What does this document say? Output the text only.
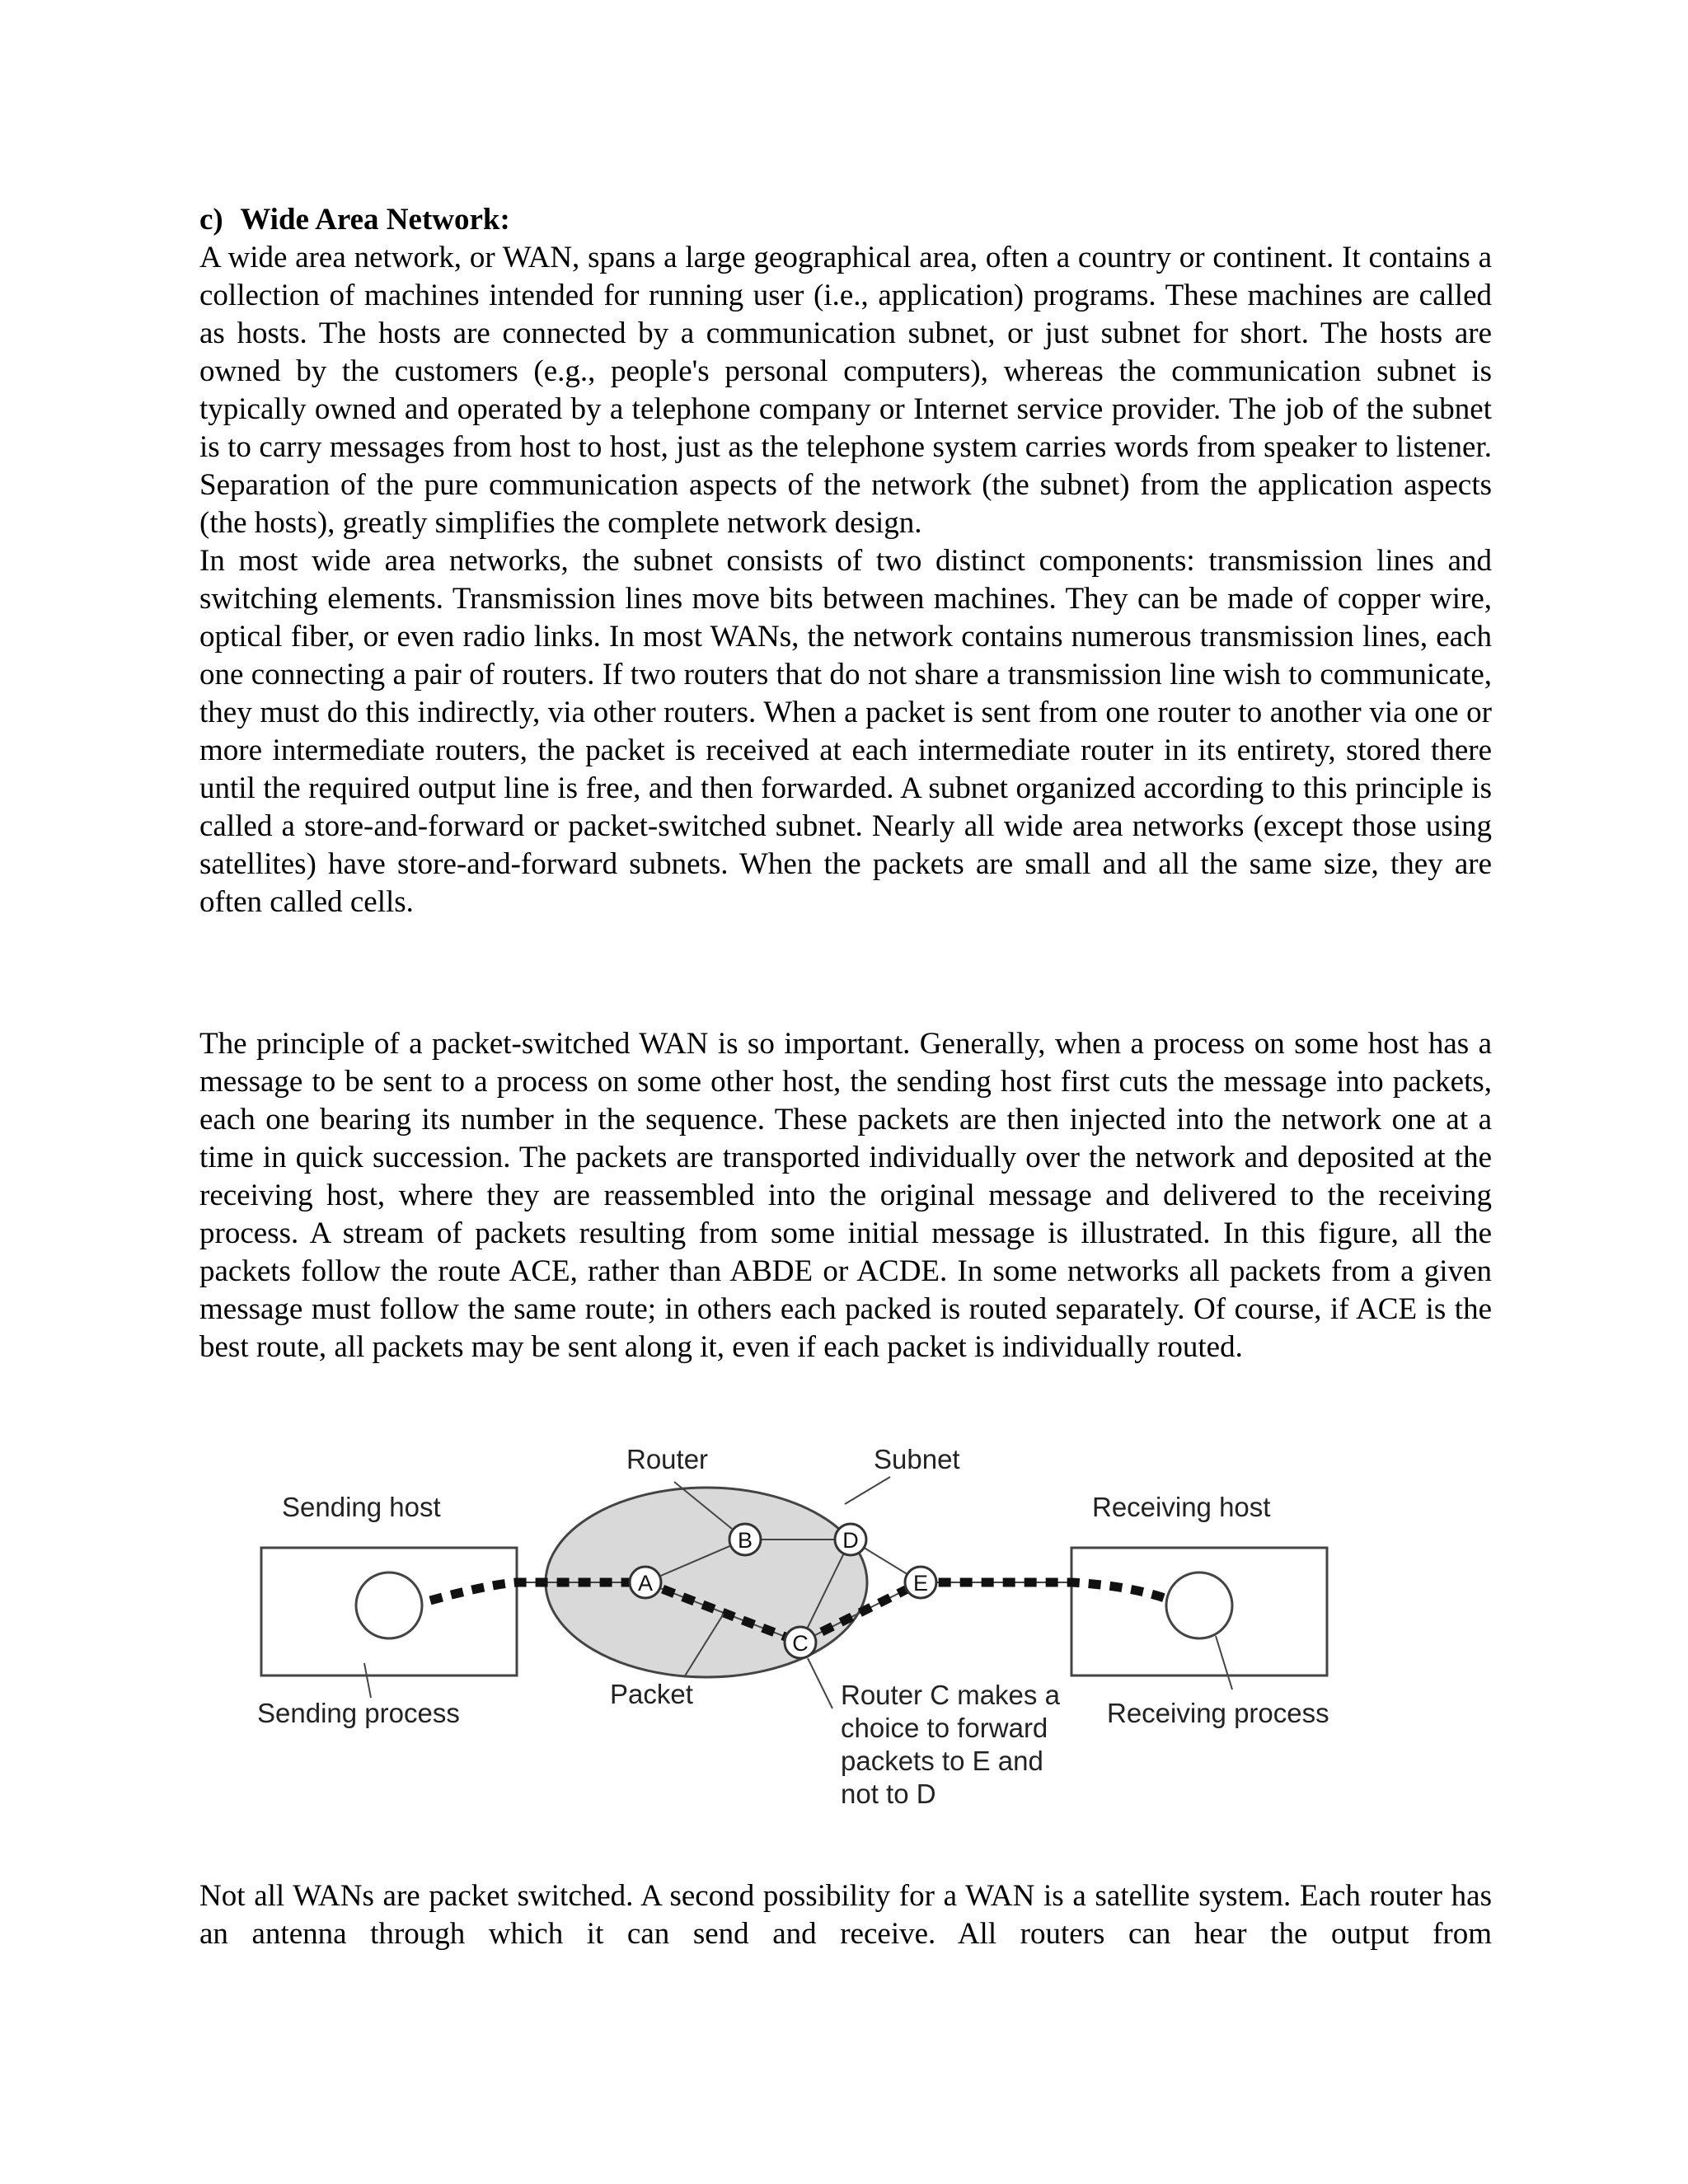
c) Wide Area Network:

A wide area network, or WAN, spans a large geographical area, often a country or continent. It contains a collection of machines intended for running user (i.e., application) programs. These machines are called as hosts. The hosts are connected by a communication subnet, or just subnet for short. The hosts are owned by the customers (e.g., people's personal computers), whereas the communication subnet is typically owned and operated by a telephone company or Internet service provider. The job of the subnet is to carry messages from host to host, just as the telephone system carries words from speaker to listener. Separation of the pure communication aspects of the network (the subnet) from the application aspects (the hosts), greatly simplifies the complete network design.

In most wide area networks, the subnet consists of two distinct components: transmission lines and switching elements. Transmission lines move bits between machines. They can be made of copper wire, optical fiber, or even radio links. In most WANs, the network contains numerous transmission lines, each one connecting a pair of routers. If two routers that do not share a transmission line wish to communicate, they must do this indirectly, via other routers. When a packet is sent from one router to another via one or more intermediate routers, the packet is received at each intermediate router in its entirety, stored there until the required output line is free, and then forwarded. A subnet organized according to this principle is called a store-and-forward or packet-switched subnet. Nearly all wide area networks (except those using satellites) have store-and-forward subnets. When the packets are small and all the same size, they are often called cells.

The principle of a packet-switched WAN is so important. Generally, when a process on some host has a message to be sent to a process on some other host, the sending host first cuts the message into packets, each one bearing its number in the sequence. These packets are then injected into the network one at a time in quick succession. The packets are transported individually over the network and deposited at the receiving host, where they are reassembled into the original message and delivered to the receiving process. A stream of packets resulting from some initial message is illustrated. In this figure, all the packets follow the route ACE, rather than ABDE or ACDE. In some networks all packets from a given message must follow the same route; in others each packed is routed separately. Of course, if ACE is the best route, all packets may be sent along it, even if each packet is individually routed.

A
B
C
D
E
Router	Subnet
Sending host	Receiving host
Sending process
Packet
Receiving process
Router C makes a
choice to forward
packets to E and
not to D

Not all WANs are packet switched. A second possibility for a WAN is a satellite system. Each router has an antenna through which it can send and receive. All routers can hear the output from
